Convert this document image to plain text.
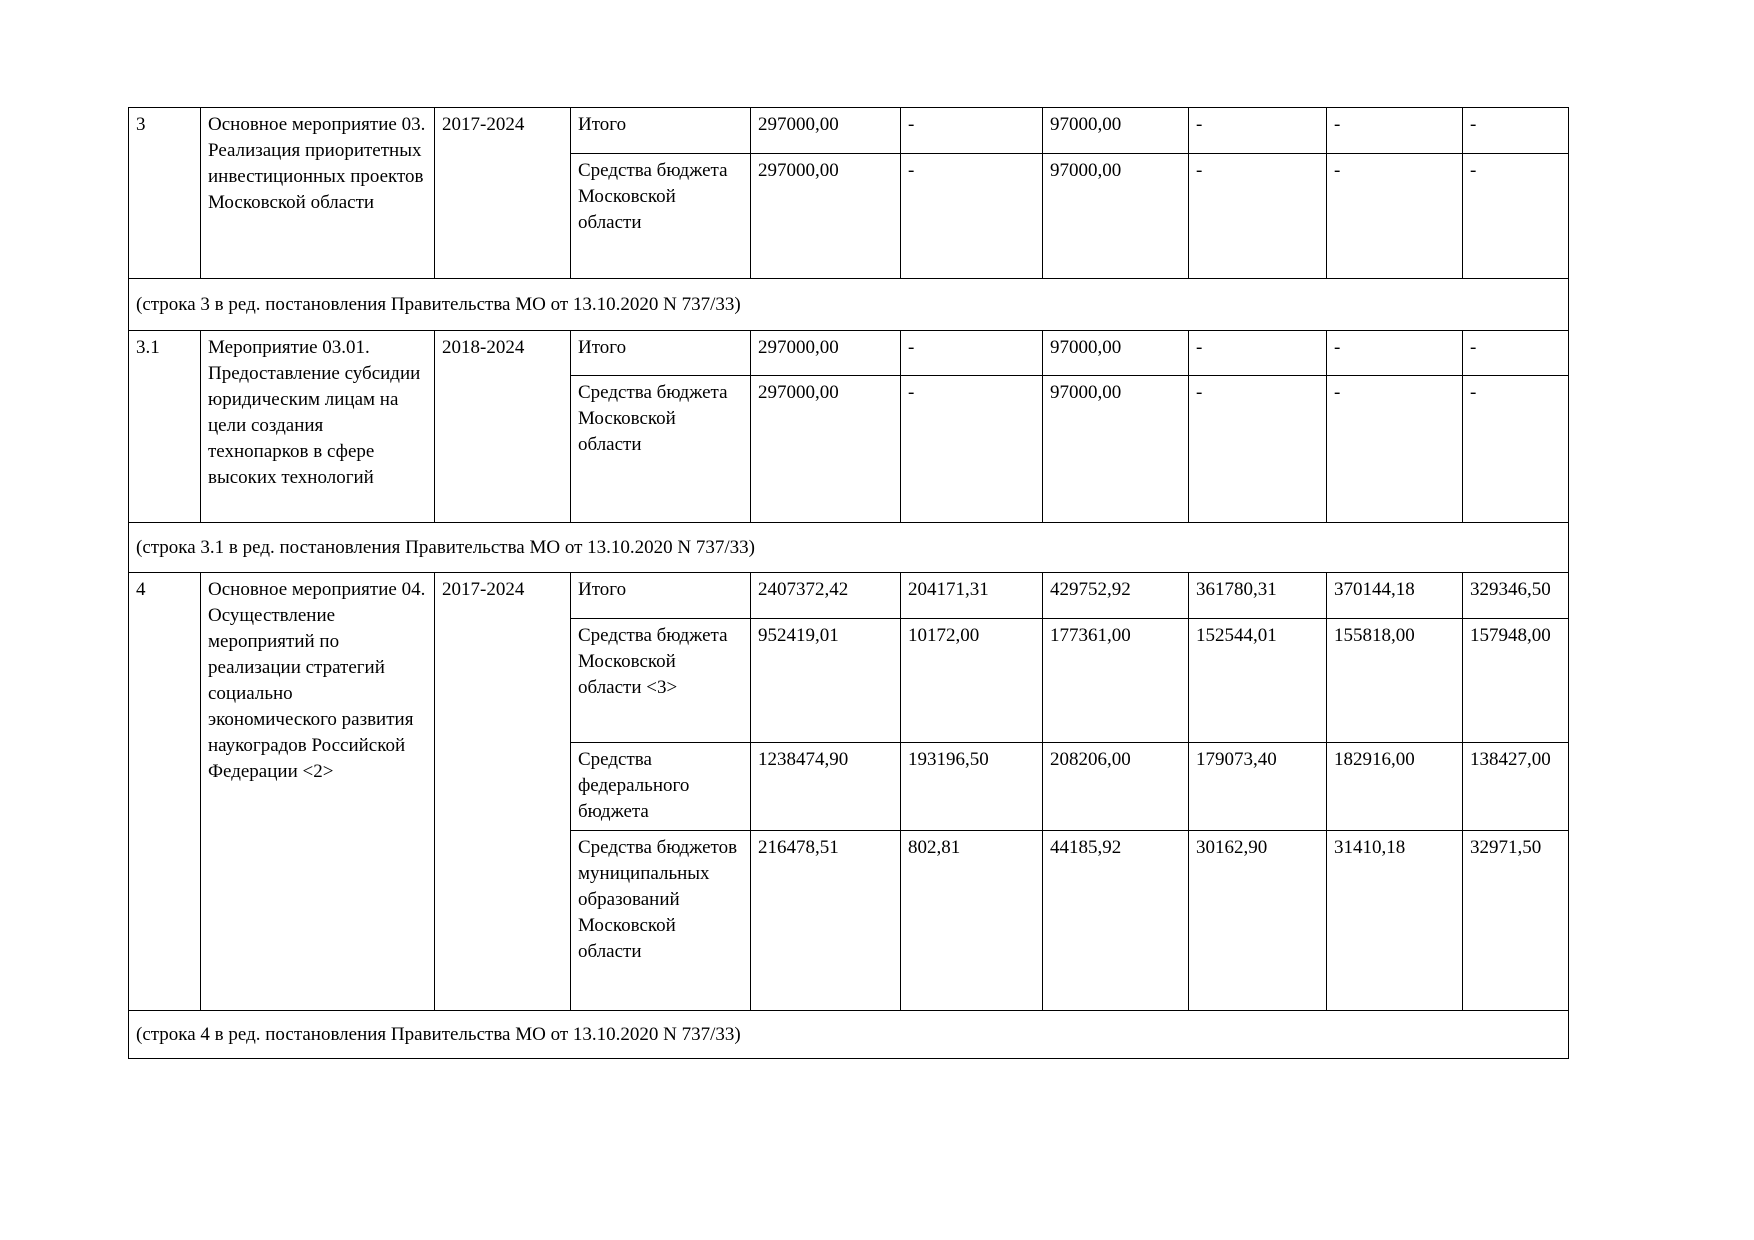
3	Основное мероприятие 03. Реализация приоритетных инвестиционных проектов Московской области	2017-2024	Итого	297000,00	-	97000,00	-	-	-
			Средства бюджета Московской области	297000,00	-	97000,00	-	-	-
(строка 3 в ред. постановления Правительства МО от 13.10.2020 N 737/33)									
3.1	Мероприятие 03.01. Предоставление субсидии юридическим лицам на цели создания технопарков в сфере высоких технологий	2018-2024	Итого	297000,00	-	97000,00	-	-	-
			Средства бюджета Московской области	297000,00	-	97000,00	-	-	-
(строка 3.1 в ред. постановления Правительства МО от 13.10.2020 N 737/33)									
4	Основное мероприятие 04. Осуществление мероприятий по реализации стратегий социально экономического развития наукоградов Российской Федерации <2>	2017-2024	Итого	2407372,42	204171,31	429752,92	361780,31	370144,18	329346,50
			Средства бюджета Московской области <3>	952419,01	10172,00	177361,00	152544,01	155818,00	157948,00
			Средства федерального бюджета	1238474,90	193196,50	208206,00	179073,40	182916,00	138427,00
			Средства бюджетов муниципальных образований Московской области	216478,51	802,81	44185,92	30162,90	31410,18	32971,50
(строка 4 в ред. постановления Правительства МО от 13.10.2020 N 737/33)									
